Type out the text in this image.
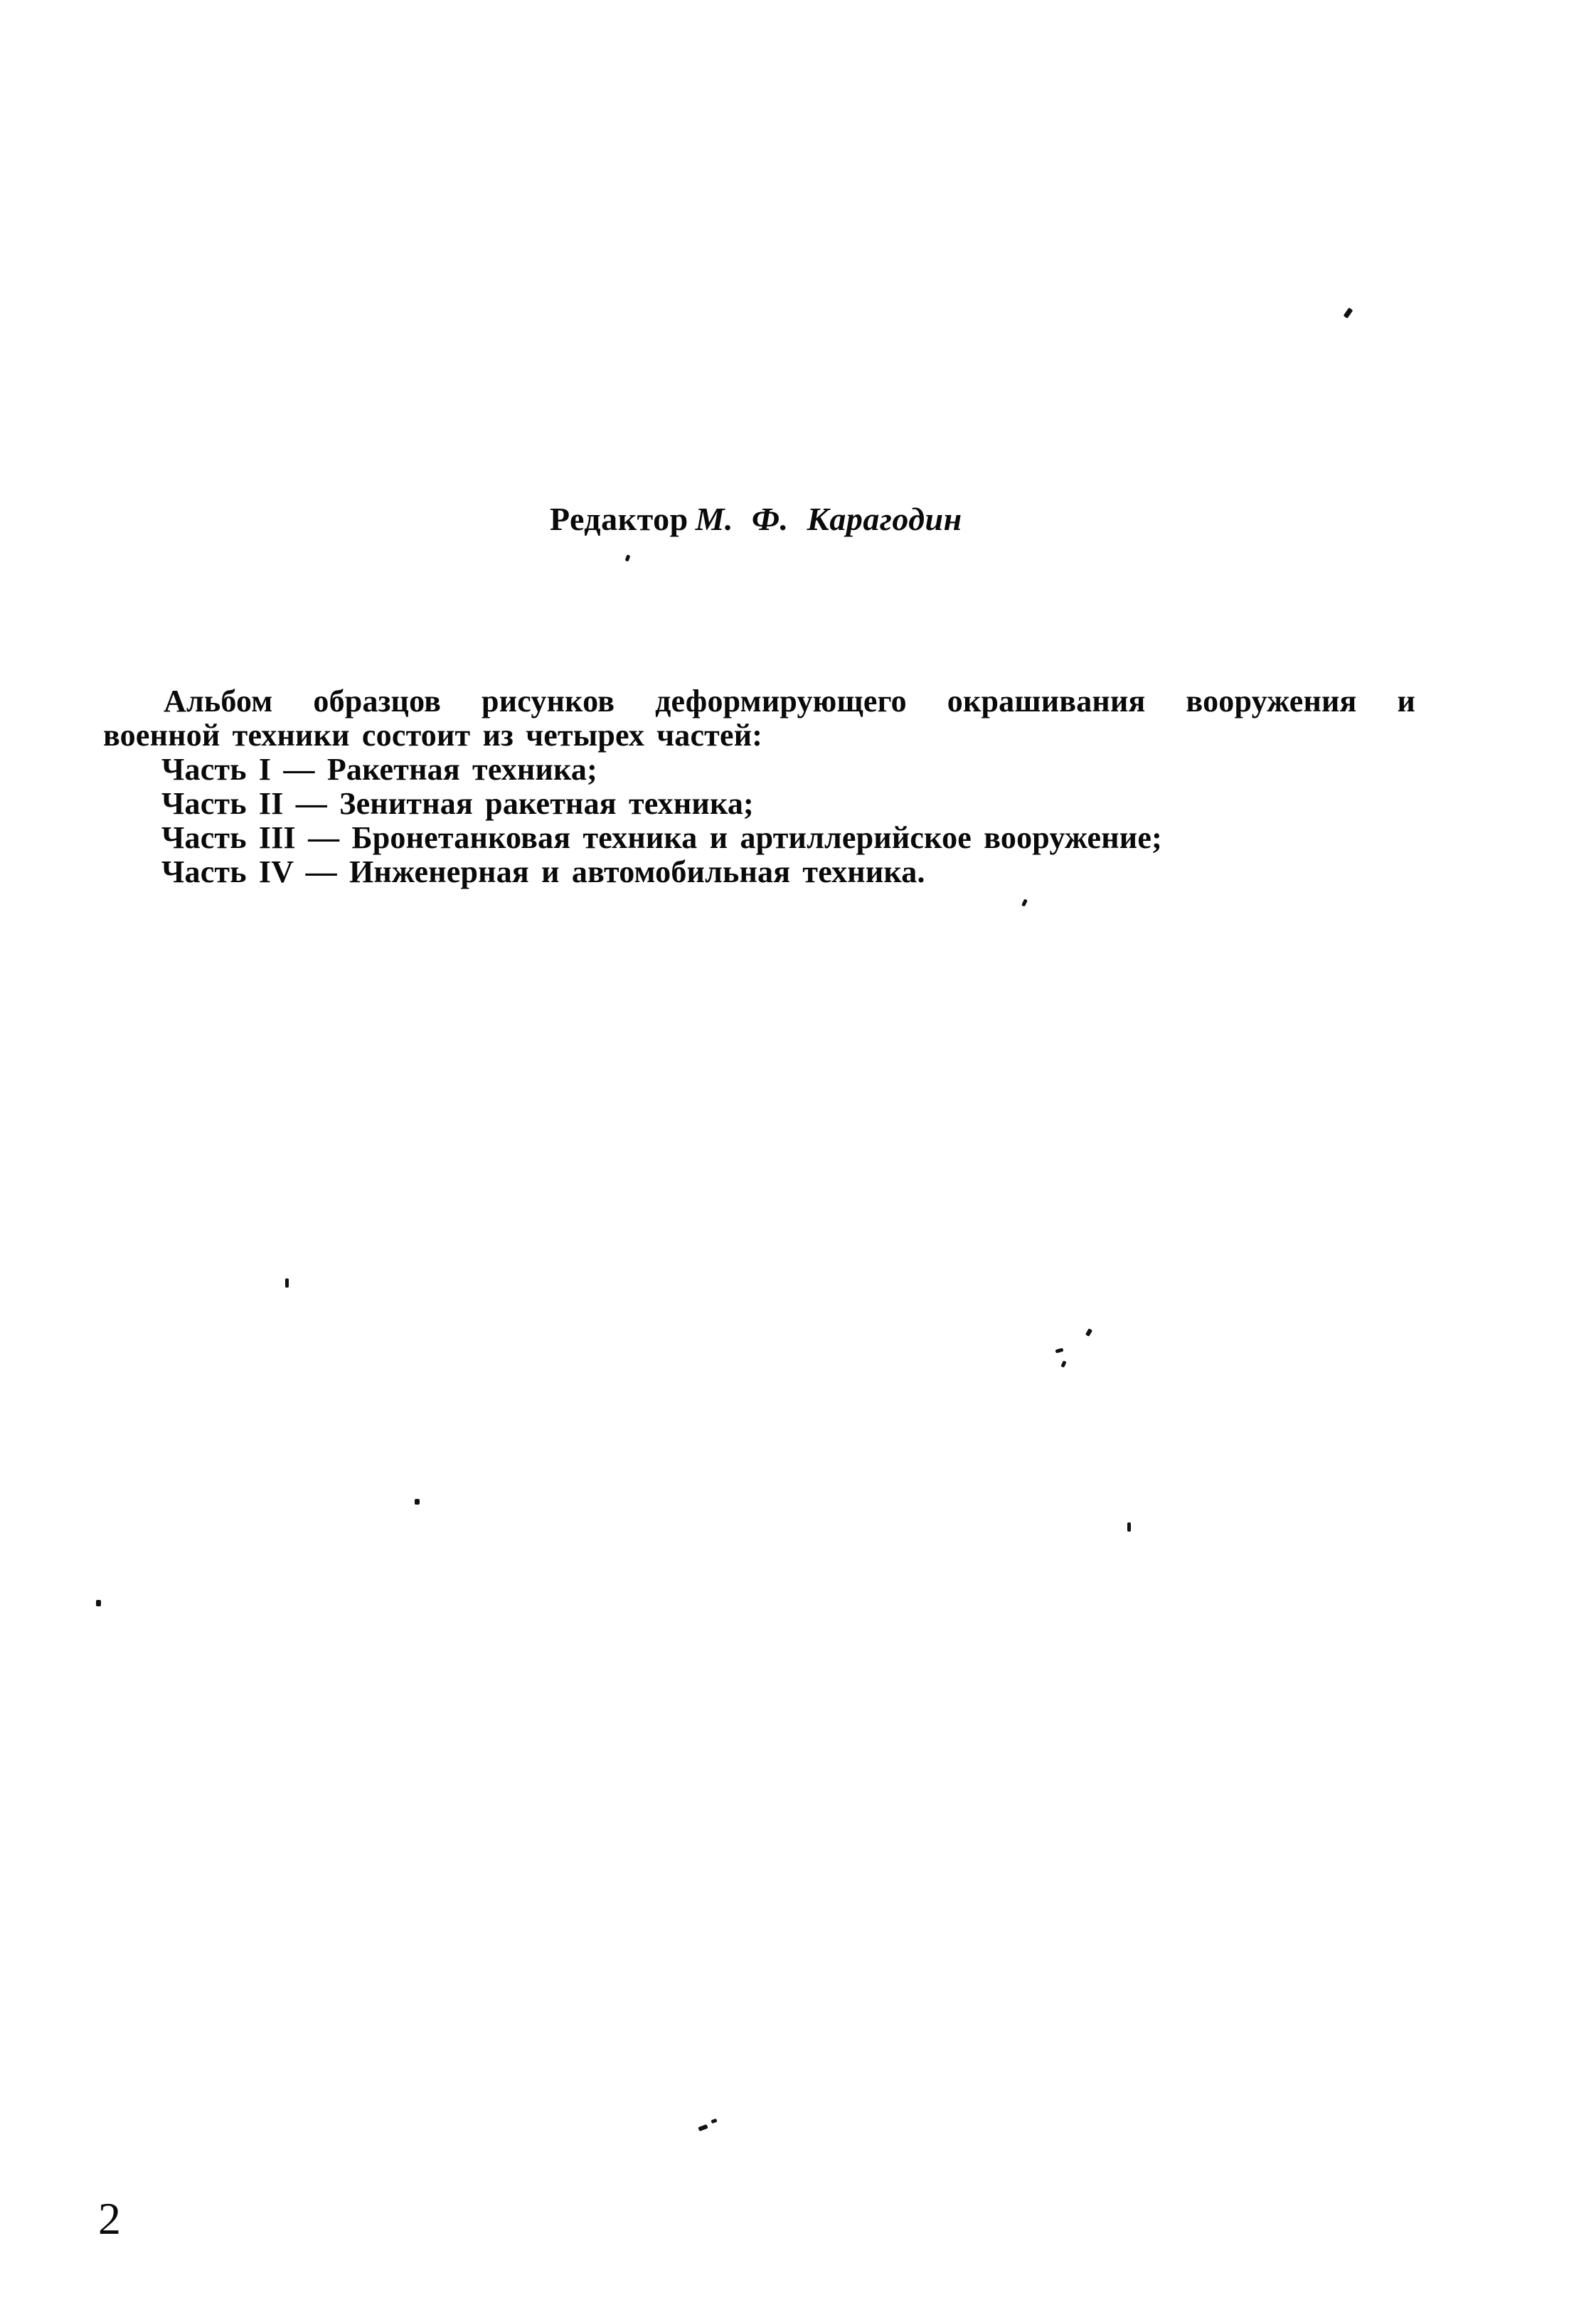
Редактор М. Ф. Карагодин
Альбом образцов рисунков деформирующего окрашивания вооружения и
военной техники состоит из четырех частей:
Часть I — Ракетная техника;
Часть II — Зенитная ракетная техника;
Часть III — Бронетанковая техника и артиллерийское вооружение;
Часть IV — Инженерная и автомобильная техника.
2
